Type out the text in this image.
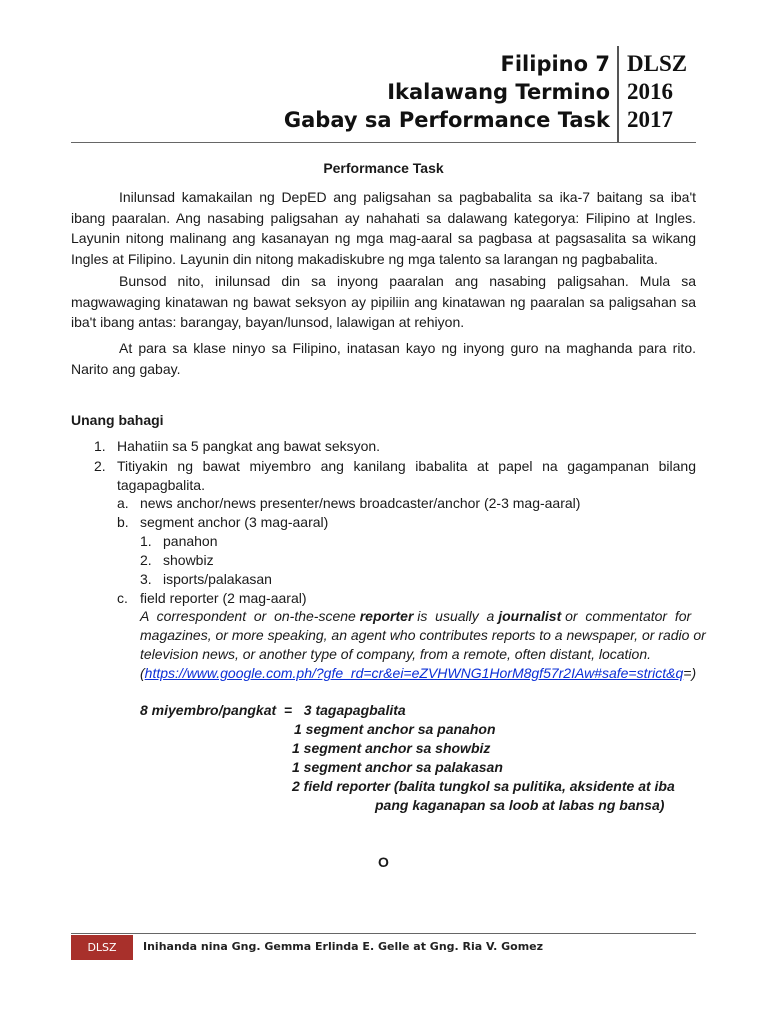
Filipino 7
Ikalawang Termino
Gabay sa Performance Task
DLSZ
2016
2017
Performance Task

Inilunsad kamakailan ng DepED ang paligsahan sa pagbabalita sa ika-7 baitang sa iba't ibang paaralan. Ang nasabing paligsahan ay nahahati sa dalawang kategorya: Filipino at Ingles. Layunin nitong malinang ang kasanayan ng mga mag-aaral sa pagbasa at pagsasalita sa wikang Ingles at Filipino. Layunin din nitong makadiskubre ng mga talento sa larangan ng pagbabalita.

Bunsod nito, inilunsad din sa inyong paaralan ang nasabing paligsahan. Mula sa magwawaging kinatawan ng bawat seksyon ay pipiliin ang kinatawan ng paaralan sa paligsahan sa iba't ibang antas: barangay, bayan/lunsod, lalawigan at rehiyon.

At para sa klase ninyo sa Filipino, inatasan kayo ng inyong guro na maghanda para rito. Narito ang gabay.

Unang bahagi
1. Hahatiin sa 5 pangkat ang bawat seksyon.
2. Titiyakin ng bawat miyembro ang kanilang ibabalita at papel na gagampanan bilang tagapagbalita.
a. news anchor/news presenter/news broadcaster/anchor (2-3 mag-aaral)
b. segment anchor (3 mag-aaral)
1. panahon
2. showbiz
3. isports/palakasan
c. field reporter (2 mag-aaral)
A  correspondent  or  on-the-scene reporter is  usually  a journalist or  commentator  for
magazines, or more speaking, an agent who contributes reports to a newspaper, or radio or
television news, or another type of company, from a remote, often distant, location.
(https://www.google.com.ph/?gfe_rd=cr&ei=eZVHWNG1HorM8gf57r2IAw#safe=strict&q=)
8 miyembro/pangkat  =   3 tagapagbalita
1 segment anchor sa panahon
1 segment anchor sa showbiz
1 segment anchor sa palakasan
2 field reporter (balita tungkol sa pulitika, aksidente at iba
pang kaganapan sa loob at labas ng bansa)
O
DLSZ	Inihanda nina Gng. Gemma Erlinda E. Gelle at Gng. Ria V. Gomez
